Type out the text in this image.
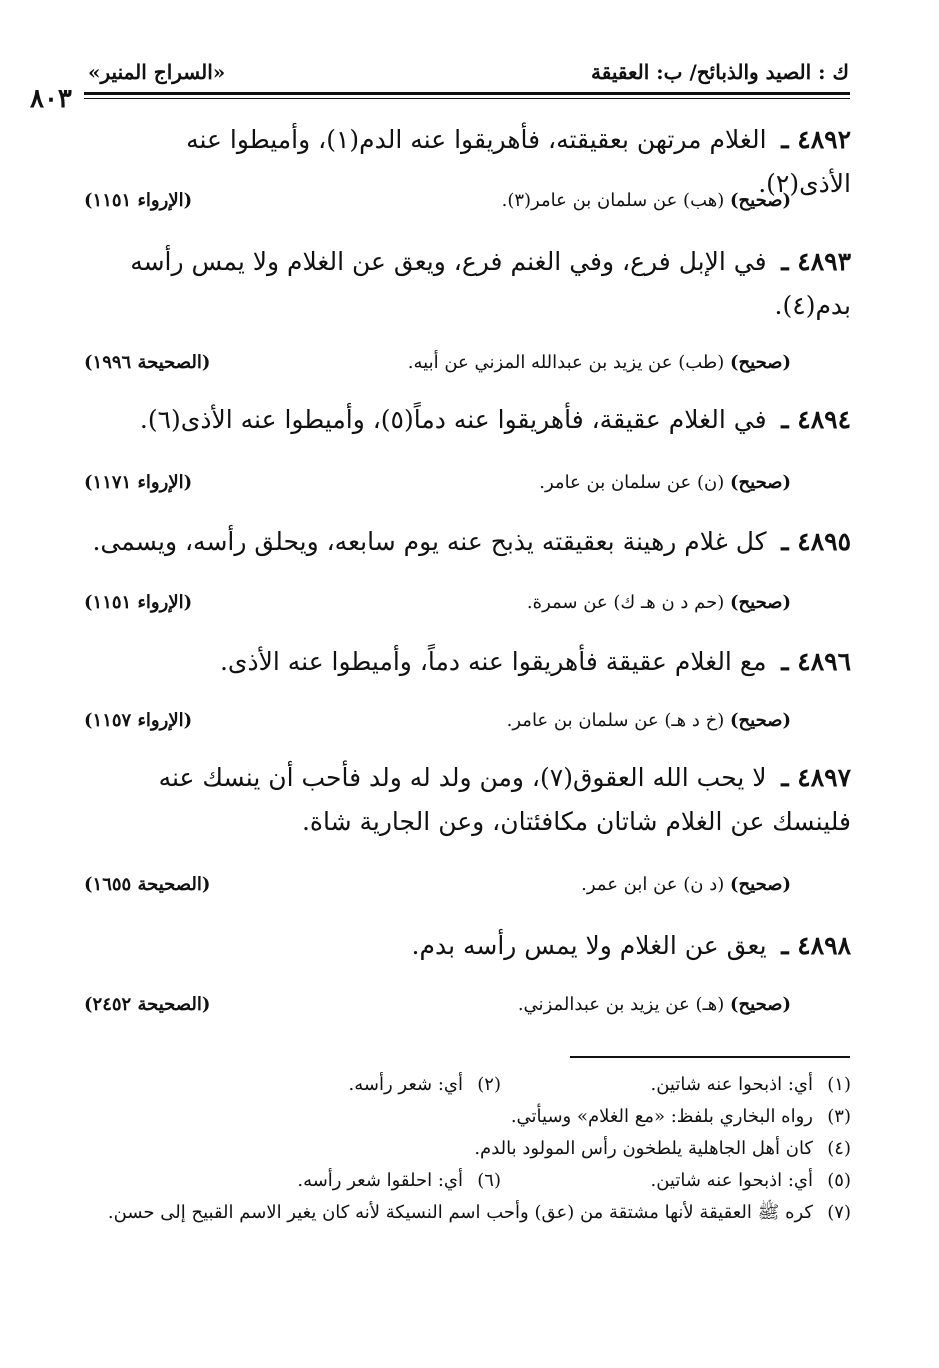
ك : الصيد والذبائح/ ب: العقيقة
«السراج المنير»
٨٠٣
٤٨٩٢ ـ الغلام مرتهن بعقيقته، فأهريقوا عنه الدم(١)، وأميطوا عنه الأذى(٢).
(صحيح) (هب) عن سلمان بن عامر(٣).
(الإرواء ١١٥١)
٤٨٩٣ ـ في الإبل فرع، وفي الغنم فرع، ويعق عن الغلام ولا يمس رأسه بدم(٤).
(صحيح) (طب) عن يزيد بن عبدالله المزني عن أبيه.
(الصحيحة ١٩٩٦)
٤٨٩٤ ـ في الغلام عقيقة، فأهريقوا عنه دماً(٥)، وأميطوا عنه الأذى(٦).
(صحيح) (ن) عن سلمان بن عامر.
(الإرواء ١١٧١)
٤٨٩٥ ـ كل غلام رهينة بعقيقته يذبح عنه يوم سابعه، ويحلق رأسه، ويسمى.
(صحيح) (حم د ن هـ ك) عن سمرة.
(الإرواء ١١٥١)
٤٨٩٦ ـ مع الغلام عقيقة فأهريقوا عنه دماً، وأميطوا عنه الأذى.
(صحيح) (خ د هـ) عن سلمان بن عامر.
(الإرواء ١١٥٧)
٤٨٩٧ ـ لا يحب الله العقوق(٧)، ومن ولد له ولد فأحب أن ينسك عنه فلينسك عن الغلام شاتان مكافئتان، وعن الجارية شاة.
(صحيح) (د ن) عن ابن عمر.
(الصحيحة ١٦٥٥)
٤٨٩٨ ـ يعق عن الغلام ولا يمس رأسه بدم.
(صحيح) (هـ) عن يزيد بن عبدالمزني.
(الصحيحة ٢٤٥٢)
(١)أي: اذبحوا عنه شاتين.
(٢)أي: شعر رأسه.
(٣)رواه البخاري بلفظ: «مع الغلام» وسيأتي.
(٤)كان أهل الجاهلية يلطخون رأس المولود بالدم.
(٥)أي: اذبحوا عنه شاتين.
(٦)أي: احلقوا شعر رأسه.
(٧)كره ﷺ العقيقة لأنها مشتقة من (عق) وأحب اسم النسيكة لأنه كان يغير الاسم القبيح إلى حسن.
